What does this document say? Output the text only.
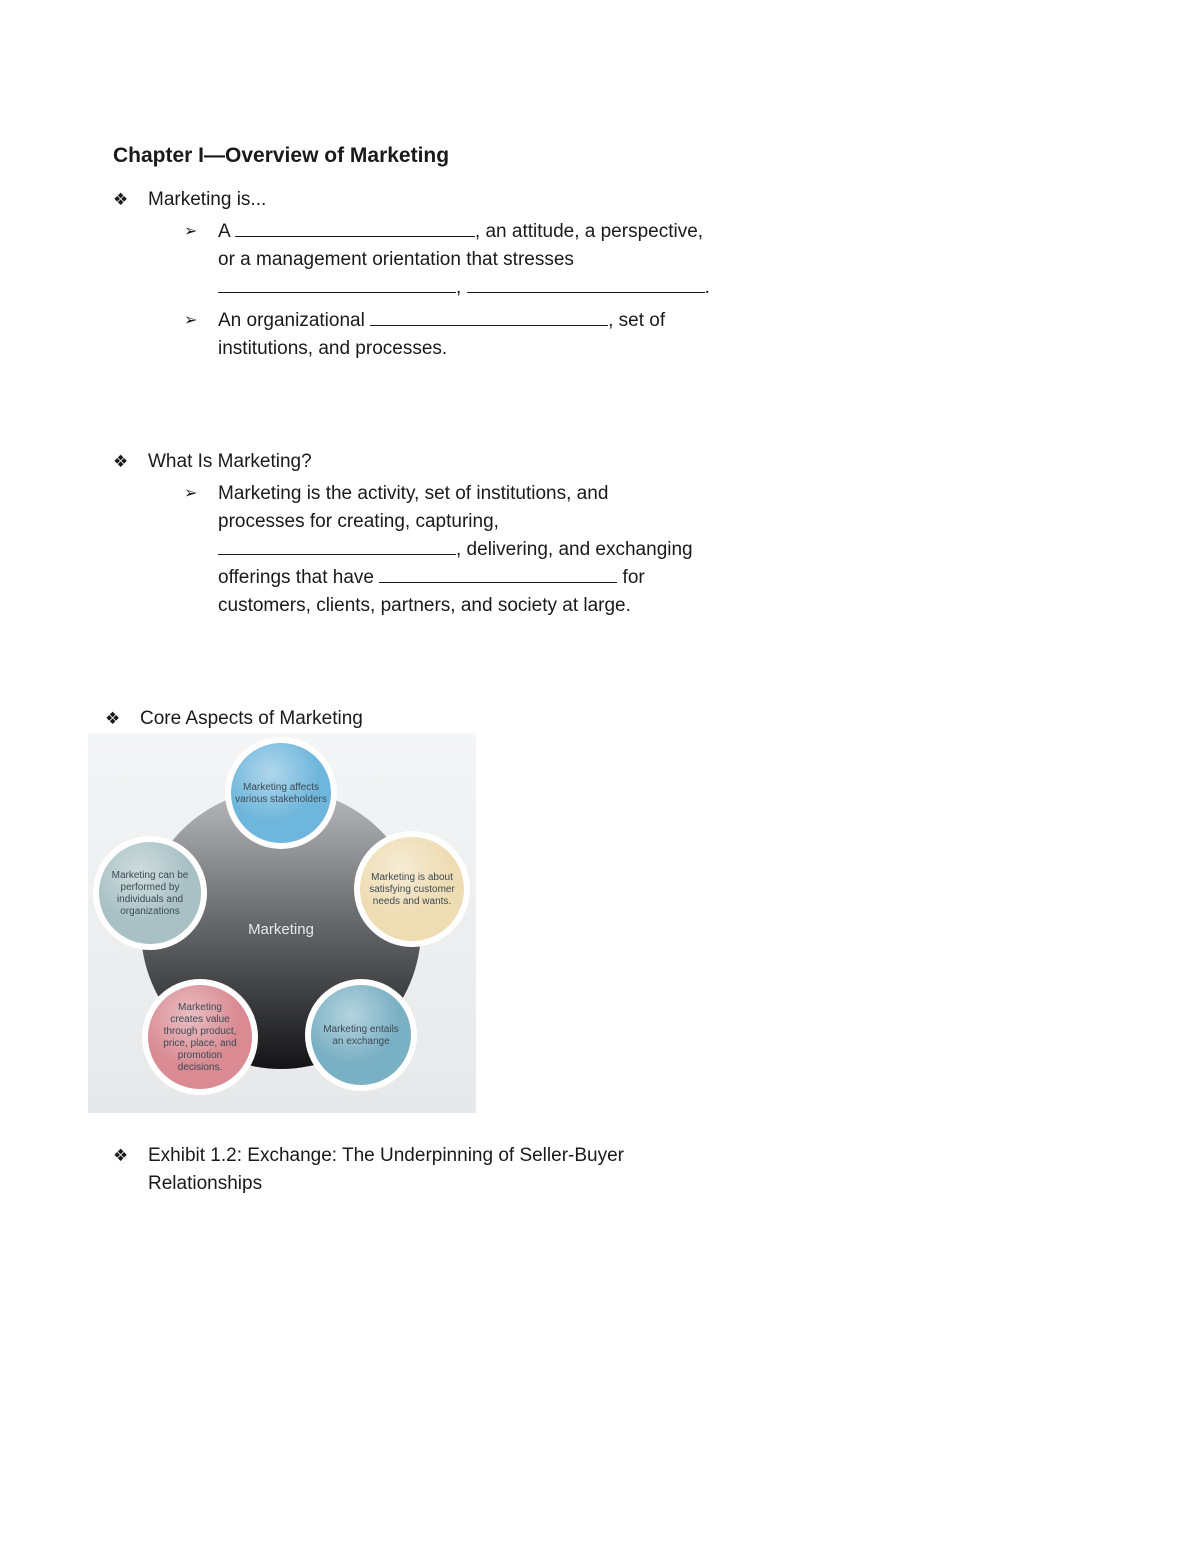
Chapter I—Overview of Marketing
❖ Marketing is...
➢ A	, an attitude, a perspective,
or a management orientation that stresses
,	.
➢ An organizational	, set of
institutions, and processes.
❖ What Is Marketing?
➢ Marketing is the activity, set of institutions, and
processes for creating, capturing,
, delivering, and exchanging
offerings that have	for
customers, clients, partners, and society at large.
❖ Core Aspects of Marketing
Marketing
Marketing affects
various stakeholders
Marketing is about
satisfying customer
needs and wants.
Marketing entails
an exchange
Marketing
creates value
through product,
price, place, and
promotion
decisions.
Marketing can be
performed by
individuals and
organizations
❖ Exhibit 1.2: Exchange: The Underpinning of Seller-Buyer
Relationships
